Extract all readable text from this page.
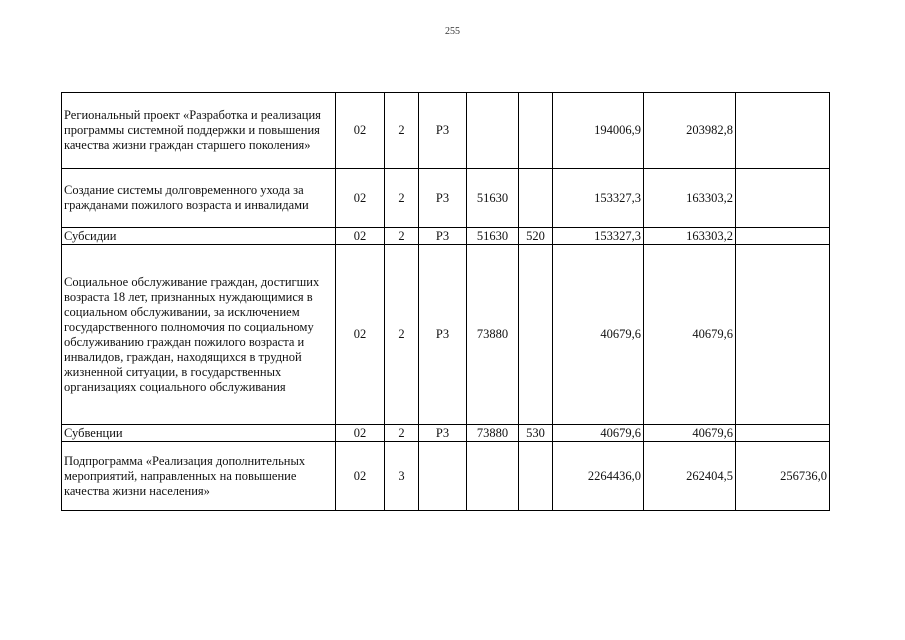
255
Региональный проект «Разработка и реализация программы системной поддержки и повышения качества жизни граждан старшего поколения»	02	2	P3			194006,9	203982,8	
Создание системы долговременного ухода за гражданами пожилого возраста и инвалидами	02	2	P3	51630		153327,3	163303,2	
Субсидии	02	2	P3	51630	520	153327,3	163303,2	
Социальное обслуживание граждан, достигших возраста 18 лет, признанных нуждающимися в социальном обслуживании, за исключением государственного полномочия по социальному обслуживанию граждан пожилого возраста и инвалидов, граждан, находящихся в трудной жизненной ситуации, в государственных организациях социального обслуживания	02	2	P3	73880		40679,6	40679,6	
Субвенции	02	2	P3	73880	530	40679,6	40679,6	
Подпрограмма «Реализация дополнительных мероприятий, направленных на повышение качества жизни населения»	02	3				2264436,0	262404,5	256736,0
